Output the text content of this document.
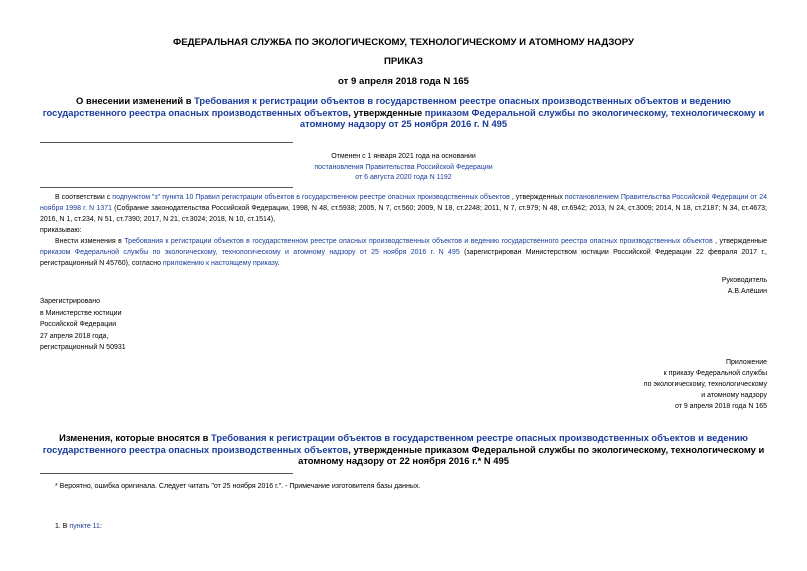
ФЕДЕРАЛЬНАЯ СЛУЖБА ПО ЭКОЛОГИЧЕСКОМУ, ТЕХНОЛОГИЧЕСКОМУ И АТОМНОМУ НАДЗОРУ
ПРИКАЗ
от 9 апреля 2018 года N 165
О внесении изменений в Требования к регистрации объектов в государственном реестре опасных производственных объектов и ведению государственного реестра опасных производственных объектов, утвержденные приказом Федеральной службы по экологическому, технологическому и атомному надзору от 25 ноября 2016 г. N 495
Отменен с 1 января 2021 года на основании
постановления Правительства Российской Федерации
от 6 августа 2020 года N 1192
В соответствии с подпунктом "з" пункта 10 Правил регистрации объектов в государственном реестре опасных производственных объектов , утвержденных постановлением Правительства Российской Федерации от 24 ноября 1998 г. N 1371 (Собрание законодательства Российской Федерации, 1998, N 48, ст.5938; 2005, N 7, ст.560; 2009, N 18, ст.2248; 2011, N 7, ст.979; N 48, ст.6942; 2013, N 24, ст.3009; 2014, N 18, ст.2187; N 34, ст.4673; 2016, N 1, ст.234, N 51, ст.7390; 2017, N 21, ст.3024; 2018, N 10, ст.1514),
приказываю:
Внести изменения в Требования к регистрации объектов в государственном реестре опасных производственных объектов и ведению государственного реестра опасных производственных объектов , утвержденные приказом Федеральной службы по экологическому, технологическому и атомному надзору от 25 ноября 2016 г. N 495 (зарегистрирован Министерством юстиции Российской Федерации 22 февраля 2017 г., регистрационный N 45760), согласно приложению к настоящему приказу.
Руководитель
А.В.Алёшин
Зарегистрировано
в Министерстве юстиции
Российской Федерации
27 апреля 2018 года,
регистрационный N 50931
Приложение
к приказу Федеральной службы
по экологическому, технологическому
и атомному надзору
от 9 апреля 2018 года N 165
Изменения, которые вносятся в Требования к регистрации объектов в государственном реестре опасных производственных объектов и ведению государственного реестра опасных производственных объектов, утвержденные приказом Федеральной службы по экологическому, технологическому и атомному надзору от 22 ноября 2016 г.* N 495
* Вероятно, ошибка оригинала. Следует читать "от 25 ноября 2016 г.". - Примечание изготовителя базы данных.
1. В пункте 11:
